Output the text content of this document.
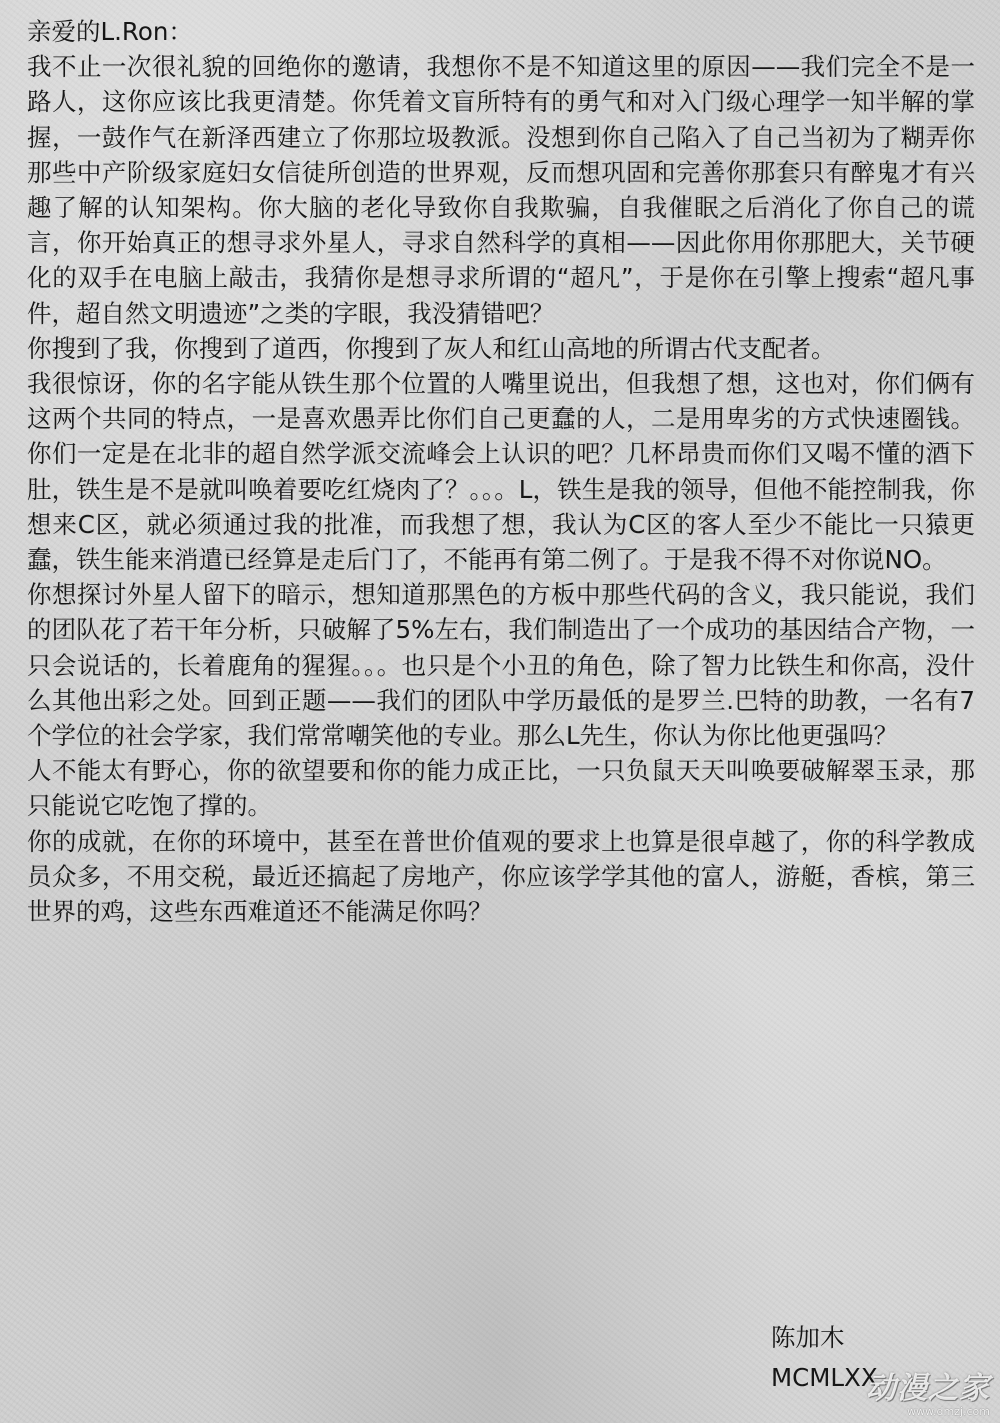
亲爱的L.Ron：

我不止一次很礼貌的回绝你的邀请，我想你不是不知道这里的原因——我们完全不是一路人，这你应该比我更清楚。你凭着文盲所特有的勇气和对入门级心理学一知半解的掌握，一鼓作气在新泽西建立了你那垃圾教派。没想到你自己陷入了自己当初为了糊弄你那些中产阶级家庭妇女信徒所创造的世界观，反而想巩固和完善你那套只有醉鬼才有兴趣了解的认知架构。你大脑的老化导致你自我欺骗，自我催眠之后消化了你自己的谎言，你开始真正的想寻求外星人，寻求自然科学的真相——因此你用你那肥大，关节硬化的双手在电脑上敲击，我猜你是想寻求所谓的“超凡”，于是你在引擎上搜索“超凡事件，超自然文明遗迹”之类的字眼，我没猜错吧？

你搜到了我，你搜到了道西，你搜到了灰人和红山高地的所谓古代支配者。

我很惊讶，你的名字能从铁生那个位置的人嘴里说出，但我想了想，这也对，你们俩有这两个共同的特点，一是喜欢愚弄比你们自己更蠢的人，二是用卑劣的方式快速圈钱。你们一定是在北非的超自然学派交流峰会上认识的吧？几杯昂贵而你们又喝不懂的酒下肚，铁生是不是就叫唤着要吃红烧肉了？。。。L，铁生是我的领导，但他不能控制我，你想来C区，就必须通过我的批准，而我想了想，我认为C区的客人至少不能比一只猿更蠢，铁生能来消遣已经算是走后门了，不能再有第二例了。于是我不得不对你说NO。

你想探讨外星人留下的暗示，想知道那黑色的方板中那些代码的含义，我只能说，我们的团队花了若干年分析，只破解了5%左右，我们制造出了一个成功的基因结合产物，一只会说话的，长着鹿角的猩猩。。。也只是个小丑的角色，除了智力比铁生和你高，没什么其他出彩之处。回到正题——我们的团队中学历最低的是罗兰.巴特的助教，一名有7个学位的社会学家，我们常常嘲笑他的专业。那么L先生，你认为你比他更强吗？

人不能太有野心，你的欲望要和你的能力成正比，一只负鼠天天叫唤要破解翠玉录，那只能说它吃饱了撑的。

你的成就，在你的环境中，甚至在普世价值观的要求上也算是很卓越了，你的科学教成员众多，不用交税，最近还搞起了房地产，你应该学学其他的富人，游艇，香槟，第三世界的鸡，这些东西难道还不能满足你吗？

陈加木
MCMLXX
动漫之家
www.dmzj.com
